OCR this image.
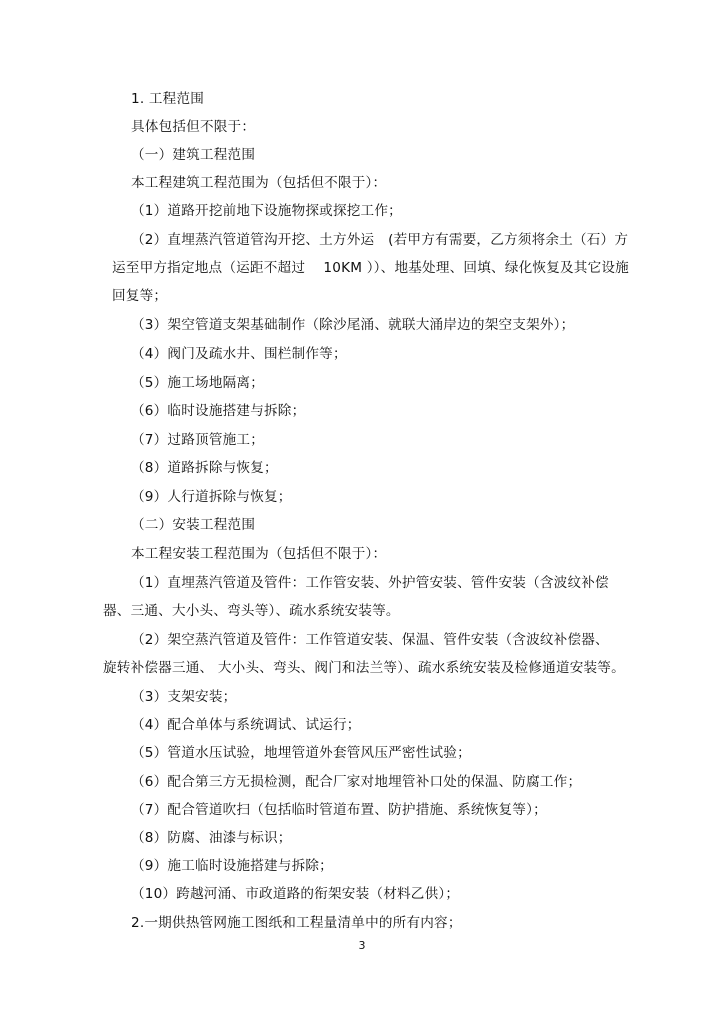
1. 工程范围
具体包括但不限于：
（一）建筑工程范围
本工程建筑工程范围为（包括但不限于）：
（1）道路开挖前地下设施物探或探挖工作；
（2）直埋蒸汽管道管沟开挖、土方外运　(若甲方有需要，乙方须将余土（石）方
运至甲方指定地点（运距不超过　 10KM ））、地基处理、回填、绿化恢复及其它设施
回复等；
（3）架空管道支架基础制作（除沙尾涌、就联大涌岸边的架空支架外）；
（4）阀门及疏水井、围栏制作等；
（5）施工场地隔离；
（6）临时设施搭建与拆除；
（7）过路顶管施工；
（8）道路拆除与恢复；
（9）人行道拆除与恢复；
（二）安装工程范围
本工程安装工程范围为（包括但不限于）：
（1）直埋蒸汽管道及管件：工作管安装、外护管安装、管件安装（含波纹补偿
器、三通、大小头、弯头等）、疏水系统安装等。
（2）架空蒸汽管道及管件：工作管道安装、保温、管件安装（含波纹补偿器、
旋转补偿器三通、 大小头、弯头、阀门和法兰等）、疏水系统安装及检修通道安装等。
（3）支架安装；
（4）配合单体与系统调试、试运行；
（5）管道水压试验，地埋管道外套管风压严密性试验；
（6）配合第三方无损检测，配合厂家对地埋管补口处的保温、防腐工作；
（7）配合管道吹扫（包括临时管道布置、防护措施、系统恢复等）；
（8）防腐、油漆与标识；
（9）施工临时设施搭建与拆除；
（10）跨越河涌、市政道路的衔架安装（材料乙供）；
2.一期供热管网施工图纸和工程量清单中的所有内容；
3
